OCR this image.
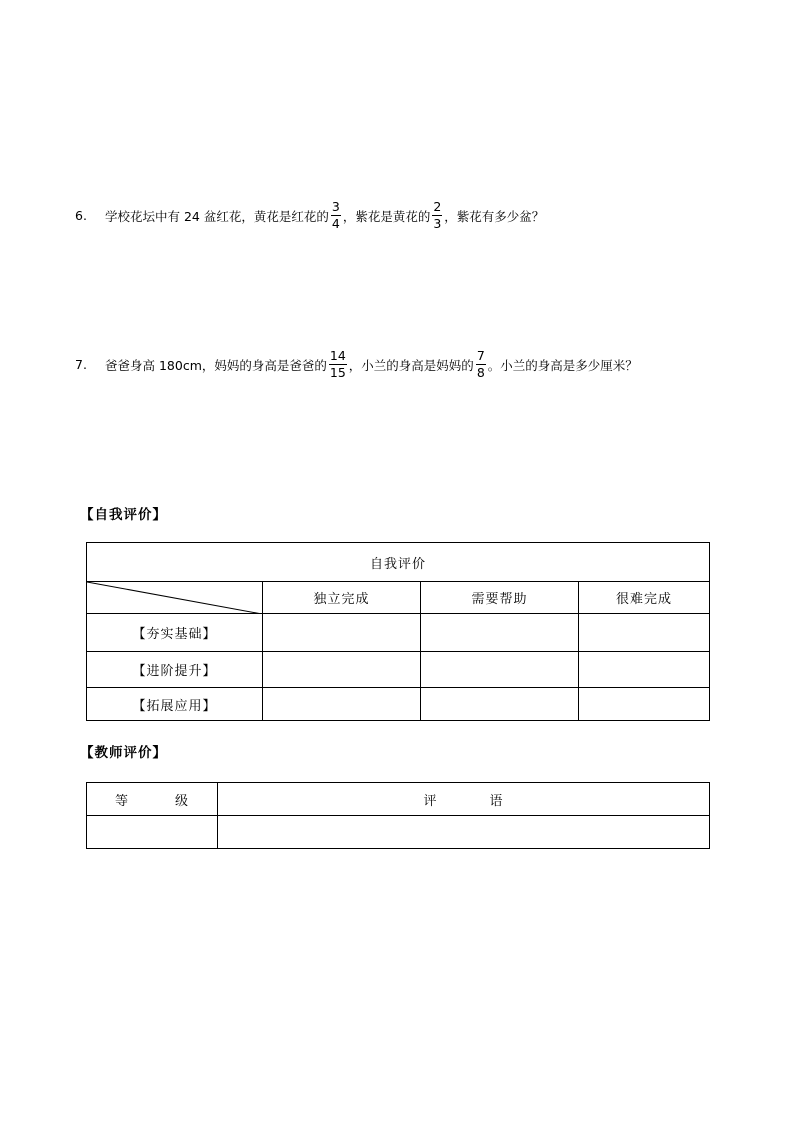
6.	学校花坛中有 24 盆红花，黄花是红花的 $\frac{3}{4}$ ，紫花是黄花的 $\frac{2}{3}$ ，紫花有多少盆？
7.	爸爸身高 180cm，妈妈的身高是爸爸的 $\frac{14}{15}$ ，小兰的身高是妈妈的 $\frac{7}{8}$ 。小兰的身高是多少厘米？
【自我评价】
自我评价			

	独立完成	需要帮助	很难完成
【夯实基础】			
【进阶提升】			
【拓展应用】			
【教师评价】
等 级	评 语
